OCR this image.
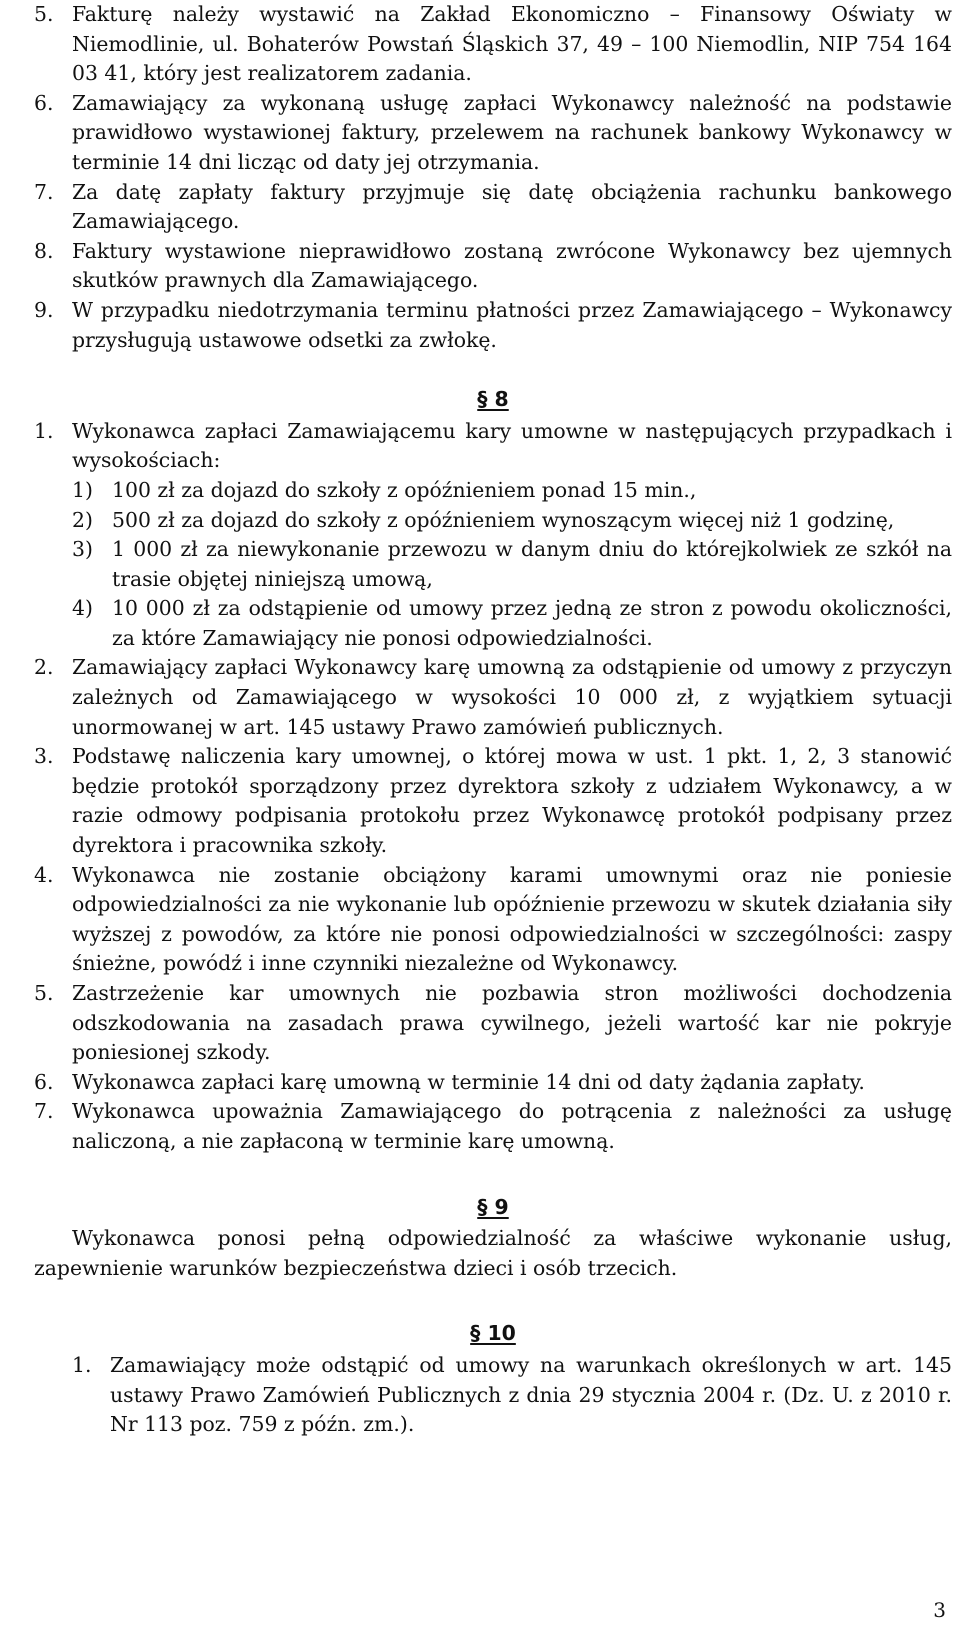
5. Fakturę należy wystawić na Zakład Ekonomiczno – Finansowy Oświaty w Niemodlinie, ul. Bohaterów Powstań Śląskich 37, 49 – 100 Niemodlin, NIP 754 164 03 41, który jest realizatorem zadania.
6. Zamawiający za wykonaną usługę zapłaci Wykonawcy należność na podstawie prawidłowo wystawionej faktury, przelewem na rachunek bankowy Wykonawcy w terminie 14 dni licząc od daty jej otrzymania.
7. Za datę zapłaty faktury przyjmuje się datę obciążenia rachunku bankowego Zamawiającego.
8. Faktury wystawione nieprawidłowo zostaną zwrócone Wykonawcy bez ujemnych skutków prawnych dla Zamawiającego.
9. W przypadku niedotrzymania terminu płatności przez Zamawiającego – Wykonawcy przysługują ustawowe odsetki za zwłokę.
§ 8
1. Wykonawca zapłaci Zamawiającemu kary umowne w następujących przypadkach i wysokościach:
1) 100 zł za dojazd do szkoły z opóźnieniem ponad 15 min.,
2) 500 zł za dojazd do szkoły z opóźnieniem wynoszącym więcej niż 1 godzinę,
3) 1 000 zł za niewykonanie przewozu w danym dniu do którejkolwiek ze szkół na trasie objętej niniejszą umową,
4) 10 000 zł za odstąpienie od umowy przez jedną ze stron z powodu okoliczności, za które Zamawiający nie ponosi odpowiedzialności.
2. Zamawiający zapłaci Wykonawcy karę umowną za odstąpienie od umowy z przyczyn zależnych od Zamawiającego w wysokości 10 000 zł, z wyjątkiem sytuacji unormowanej w art. 145 ustawy Prawo zamówień publicznych.
3. Podstawę naliczenia kary umownej, o której mowa w ust. 1 pkt. 1, 2, 3 stanowić będzie protokół sporządzony przez dyrektora szkoły z udziałem Wykonawcy, a w razie odmowy podpisania protokołu przez Wykonawcę protokół podpisany przez dyrektora i pracownika szkoły.
4. Wykonawca nie zostanie obciążony karami umownymi oraz nie poniesie odpowiedzialności za nie wykonanie lub opóźnienie przewozu w skutek działania siły wyższej z powodów, za które nie ponosi odpowiedzialności w szczególności: zaspy śnieżne, powódź i inne czynniki niezależne od Wykonawcy.
5. Zastrzeżenie kar umownych nie pozbawia stron możliwości dochodzenia odszkodowania na zasadach prawa cywilnego, jeżeli wartość kar nie pokryje poniesionej szkody.
6. Wykonawca zapłaci karę umowną w terminie 14 dni od daty żądania zapłaty.
7. Wykonawca upoważnia Zamawiającego do potrącenia z należności za usługę naliczoną, a nie zapłaconą w terminie karę umowną.
§ 9

Wykonawca ponosi pełną odpowiedzialność za właściwe wykonanie usług, zapewnienie warunków bezpieczeństwa dzieci i osób trzecich.

§ 10
1. Zamawiający może odstąpić od umowy na warunkach określonych w art. 145 ustawy Prawo Zamówień Publicznych z dnia 29 stycznia 2004 r. (Dz. U. z 2010 r. Nr 113 poz. 759 z późn. zm.).
3
